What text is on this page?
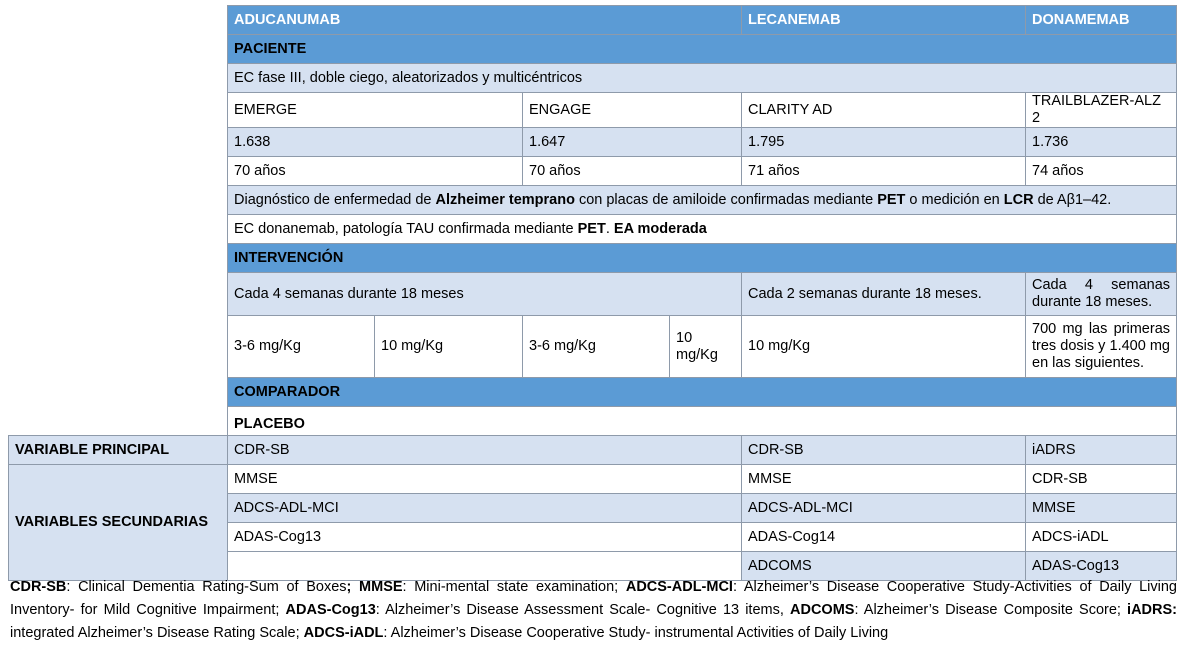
	ADUCANUMAB				LECANEMAB	DONAMEMAB
	PACIENTE					
	EC fase III, doble ciego, aleatorizados y multicéntricos					
	EMERGE		ENGAGE		CLARITY AD	TRAILBLAZER-ALZ 2
	1.638		1.647		1.795	1.736
	70 años		70 años		71 años	74 años
	Diagnóstico de enfermedad de Alzheimer temprano con placas de amiloide confirmadas mediante PET o medición en LCR de Aβ1–42.					
	EC donanemab, patología TAU confirmada mediante PET. EA moderada					
	INTERVENCIÓN					
	Cada 4 semanas durante 18 meses				Cada 2 semanas durante 18 meses.	Cada 4 semanas durante 18 meses.
	3-6 mg/Kg	10 mg/Kg	3-6 mg/Kg	10 mg/Kg	10 mg/Kg	700 mg las primeras tres dosis y 1.400 mg en las siguientes.
	COMPARADOR					
	PLACEBO					
VARIABLE PRINCIPAL	CDR-SB				CDR-SB	iADRS
VARIABLES SECUNDARIAS	MMSE				MMSE	CDR-SB
	ADCS-ADL-MCI				ADCS-ADL-MCI	MMSE
	ADAS-Cog13				ADAS-Cog14	ADCS-iADL
					ADCOMS	ADAS-Cog13
CDR-SB: Clinical Dementia Rating-Sum of Boxes; MMSE: Mini-mental state examination; ADCS-ADL-MCI: Alzheimer’s Disease Cooperative Study-Activities of Daily Living Inventory- for Mild Cognitive Impairment; ADAS-Cog13: Alzheimer’s Disease Assessment Scale- Cognitive 13 items, ADCOMS: Alzheimer’s Disease Composite Score; iADRS: integrated Alzheimer’s Disease Rating Scale; ADCS-iADL: Alzheimer’s Disease Cooperative Study- instrumental Activities of Daily Living
